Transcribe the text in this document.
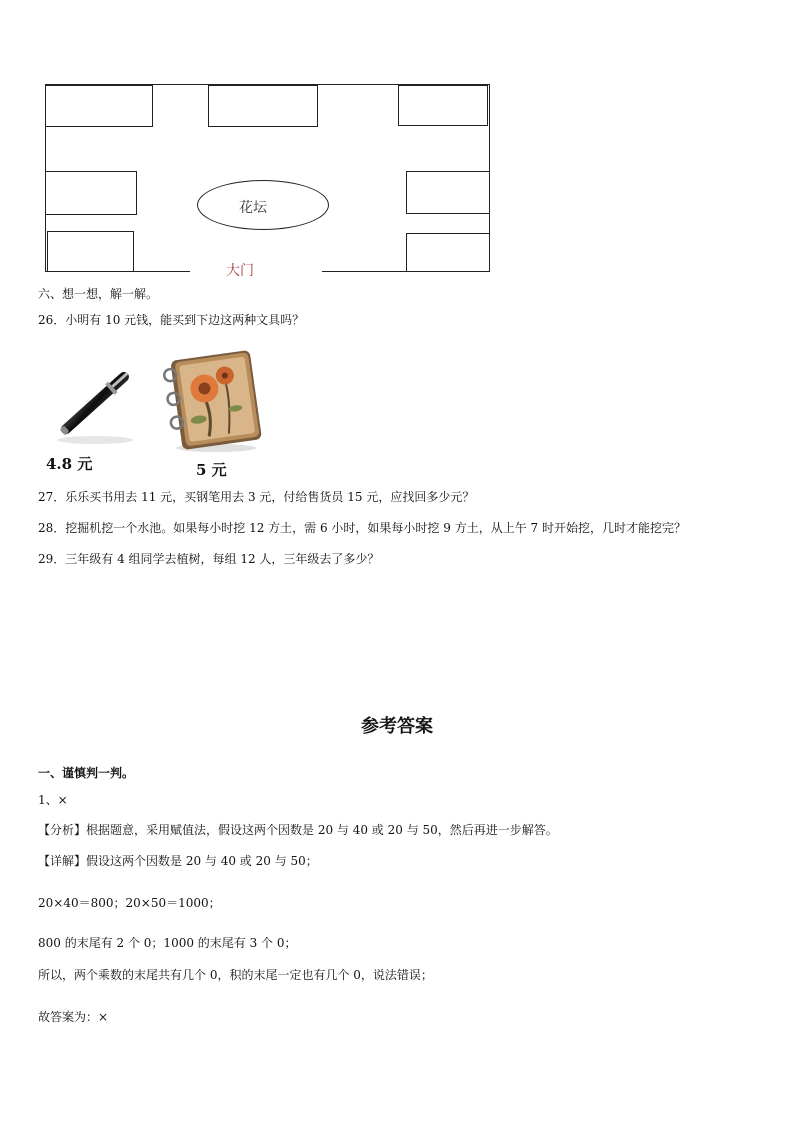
花坛
大门
六、想一想，解一解。
26．小明有 10 元钱，能买到下边这两种文具吗？
4.8 元	5 元
27．乐乐买书用去 11 元，买钢笔用去 3 元，付给售货员 15 元，应找回多少元？
28．挖掘机挖一个水池。如果每小时挖 12 方土，需 6 小时，如果每小时挖 9 方土，从上午 7 时开始挖，几时才能挖完？
29．三年级有 4 组同学去植树，每组 12 人，三年级去了多少？
参考答案
一、谨慎判一判。
1、×
【分析】根据题意，采用赋值法，假设这两个因数是 20 与 40 或 20 与 50，然后再进一步解答。
【详解】假设这两个因数是 20 与 40 或 20 与 50；
20×40＝800；20×50＝1000；
800 的末尾有 2 个 0；1000 的末尾有 3 个 0；
所以，两个乘数的末尾共有几个 0，积的末尾一定也有几个 0，说法错误；
故答案为：×
